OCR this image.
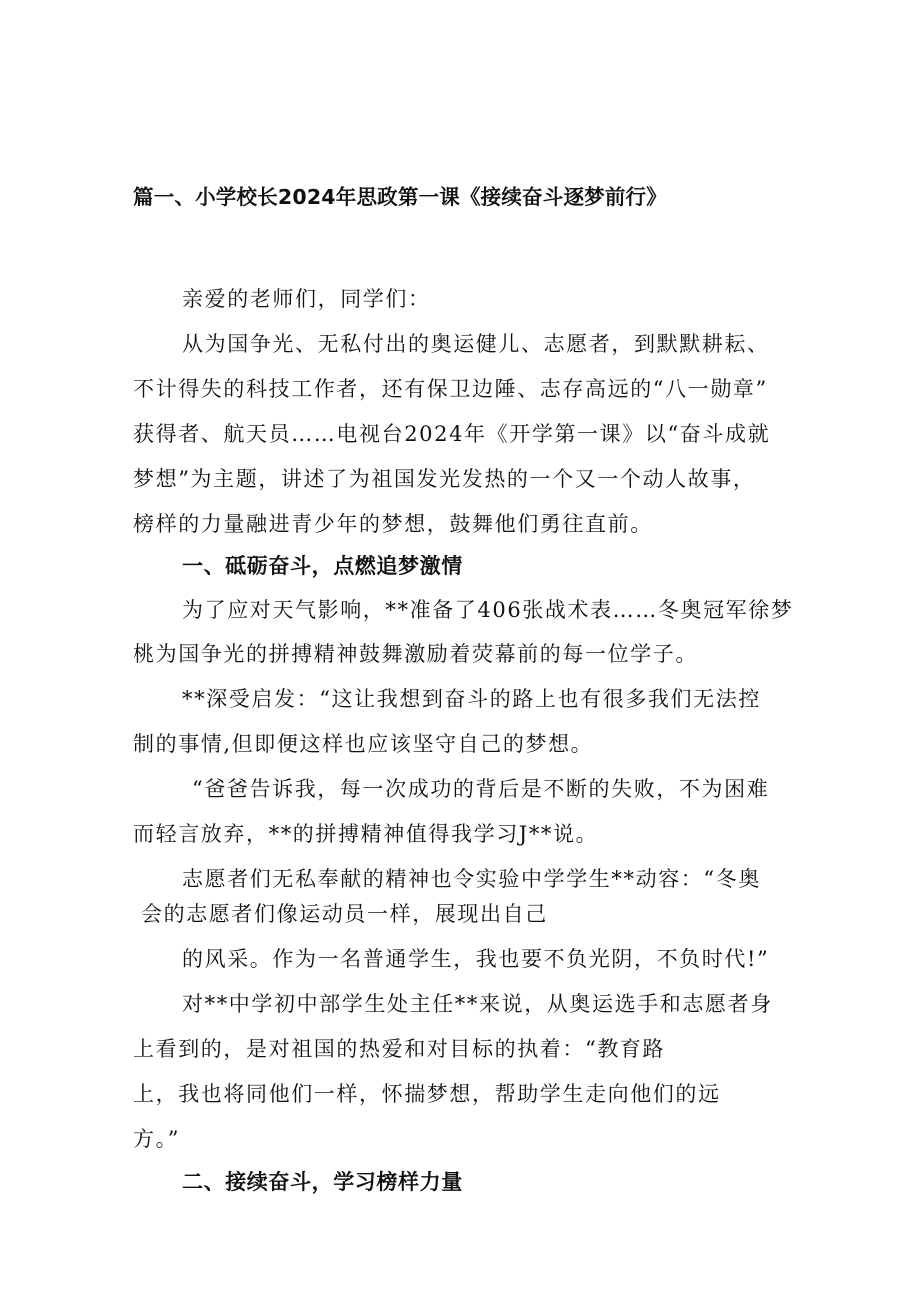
篇一、小学校长2024年思政第一课《接续奋斗逐梦前行》
亲爱的老师们，同学们：
从为国争光、无私付出的奥运健儿、志愿者，到默默耕耘、
不计得失的科技工作者，还有保卫边陲、志存高远的“八一勋章”
获得者、航天员……电视台2024年《开学第一课》以“奋斗成就
梦想”为主题，讲述了为祖国发光发热的一个又一个动人故事，
榜样的力量融进青少年的梦想，鼓舞他们勇往直前。
一、砥砺奋斗，点燃追梦激情
为了应对天气影响，**准备了406张战术表……冬奥冠军徐梦
桃为国争光的拼搏精神鼓舞激励着荧幕前的每一位学子。
**深受启发：“这让我想到奋斗的路上也有很多我们无法控
制的事情,但即便这样也应该坚守自己的梦想。
“爸爸告诉我，每一次成功的背后是不断的失败，不为困难
而轻言放弃，**的拼搏精神值得我学习J**说。
志愿者们无私奉献的精神也令实验中学学生**动容：“冬奥
会的志愿者们像运动员一样，展现出自己
的风采。作为一名普通学生，我也要不负光阴，不负时代!”
对**中学初中部学生处主任**来说，从奥运选手和志愿者身
上看到的，是对祖国的热爱和对目标的执着：“教育路
上，我也将同他们一样，怀揣梦想，帮助学生走向他们的远
方。”
二、接续奋斗，学习榜样力量
